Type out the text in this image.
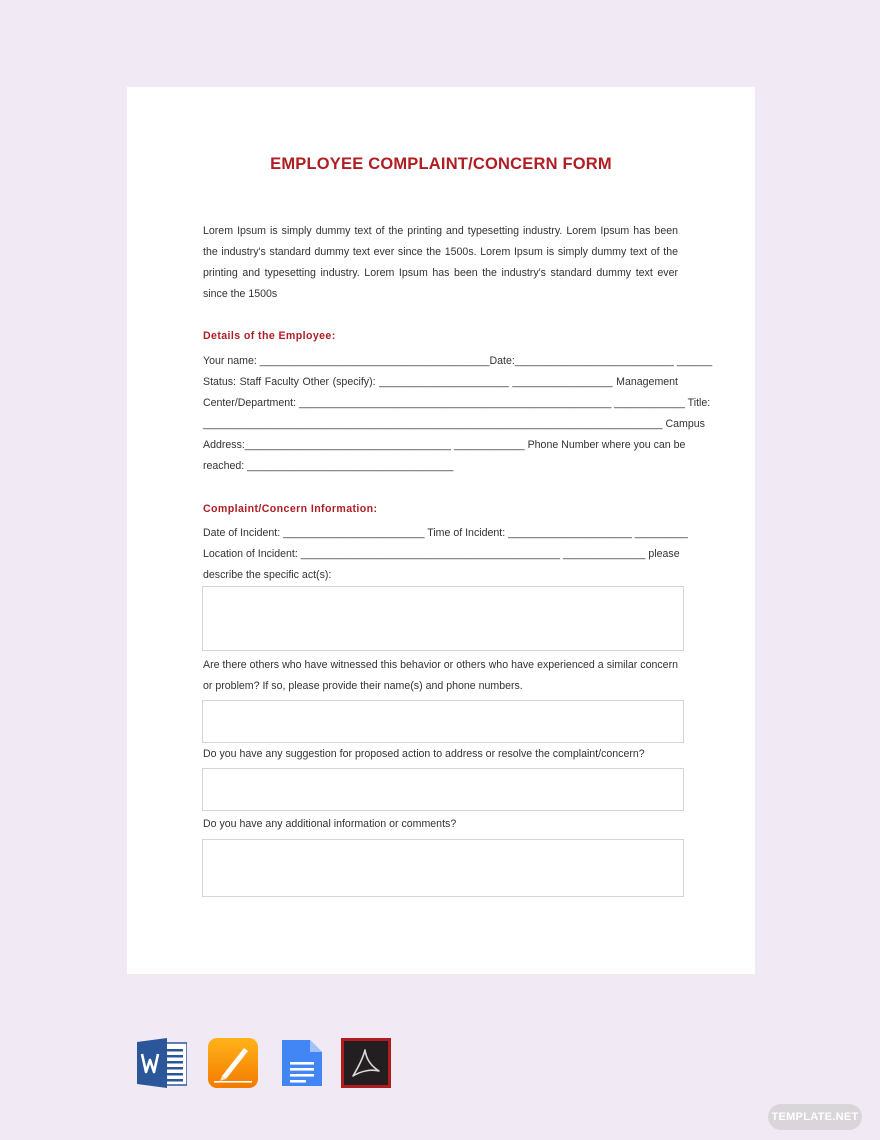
EMPLOYEE COMPLAINT/CONCERN FORM

Lorem Ipsum is simply dummy text of the printing and typesetting industry. Lorem Ipsum has been the industry's standard dummy text ever since the 1500s. Lorem Ipsum is simply dummy text of the printing and typesetting industry. Lorem Ipsum has been the industry's standard dummy text ever since the 1500s

Details of the Employee:
Your name: _______________________________________Date:___________________________ ______
Status: Staff Faculty Other (specify): ______________________ _________________ Management
Center/Department: _____________________________________________________ ____________ Title:
______________________________________________________________________________ Campus
Address:___________________________________ ____________ Phone Number where you can be
reached: ___________________________________
Complaint/Concern Information:
Date of Incident: ________________________ Time of Incident: _____________________ _________
Location of Incident: ____________________________________________ ______________ please
describe the specific act(s):

Are there others who have witnessed this behavior or others who have experienced a similar concern or problem? If so, please provide their name(s) and phone numbers.

Do you have any suggestion for proposed action to address or resolve the complaint/concern?
Do you have any additional information or comments?
TEMPLATE.NET
